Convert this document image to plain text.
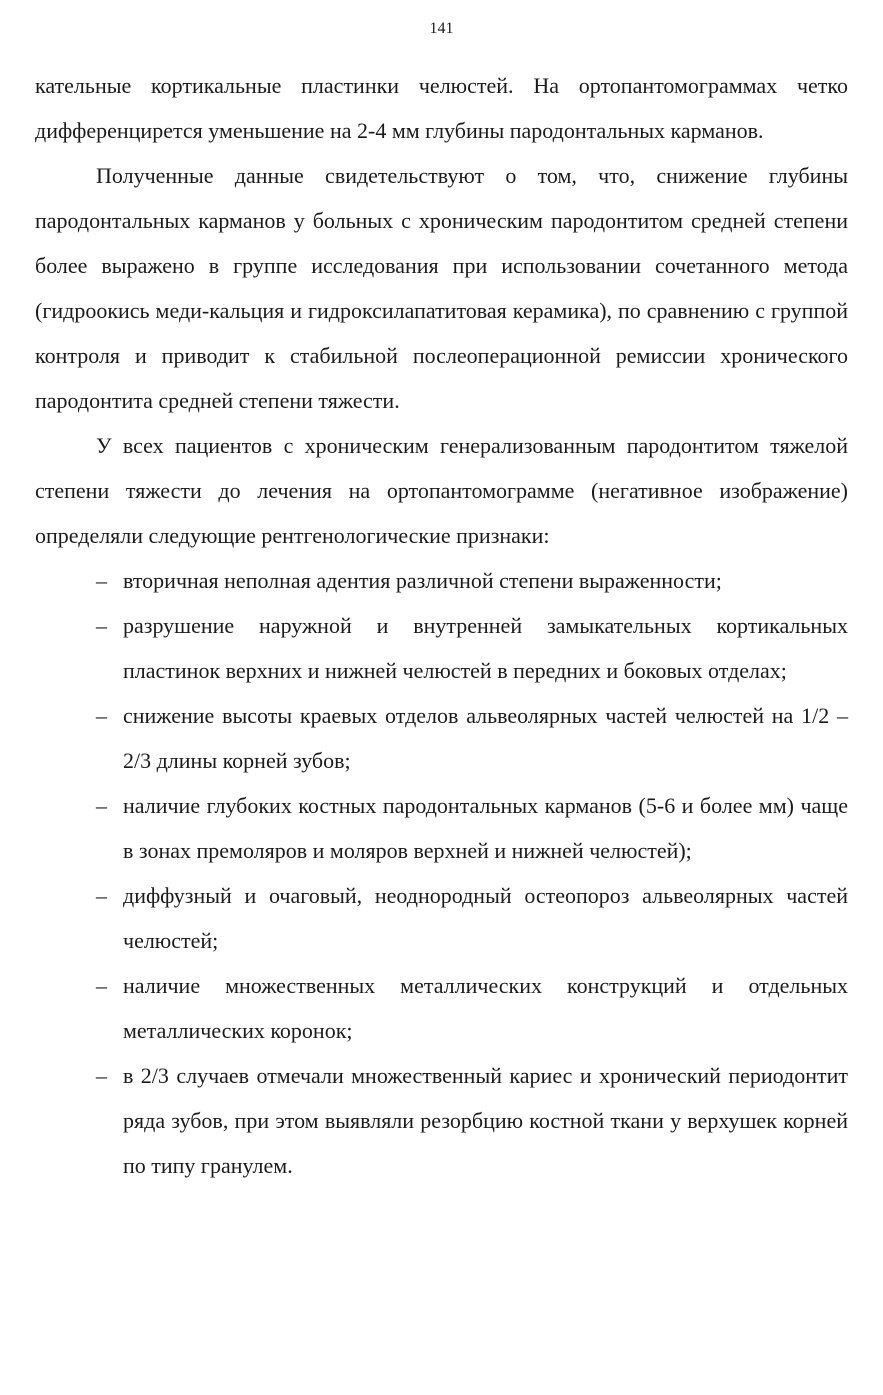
141

кательные кортикальные пластинки челюстей. На ортопантомограммах четко дифференцирется уменьшение на 2-4 мм глубины пародонтальных карманов.

Полученные данные свидетельствуют о том, что, снижение глубины пародонтальных карманов у больных с хроническим пародонтитом средней степени более выражено в группе исследования при использовании сочетанного метода (гидроокись меди-кальция и гидроксилапатитовая керамика), по сравнению с группой контроля и приводит к стабильной послеоперационной ремиссии хронического пародонтита средней степени тяжести.

У всех пациентов с хроническим генерализованным пародонтитом тяжелой степени тяжести до лечения на ортопантомограмме (негативное изображение) определяли следующие рентгенологические признаки:

– вторичная неполная адентия различной степени выраженности;
– разрушение наружной и внутренней замыкательных кортикальных пластинок верхних и нижней челюстей в передних и боковых отделах;
– снижение высоты краевых отделов альвеолярных частей челюстей на 1/2 – 2/3 длины корней зубов;
– наличие глубоких костных пародонтальных карманов (5-6 и более мм) чаще в зонах премоляров и моляров верхней и нижней челюстей);
– диффузный и очаговый, неоднородный остеопороз альвеолярных частей челюстей;
– наличие множественных металлических конструкций и отдельных металлических коронок;
– в 2/3 случаев отмечали множественный кариес и хронический периодонтит ряда зубов, при этом выявляли резорбцию костной ткани у верхушек корней по типу гранулем.
